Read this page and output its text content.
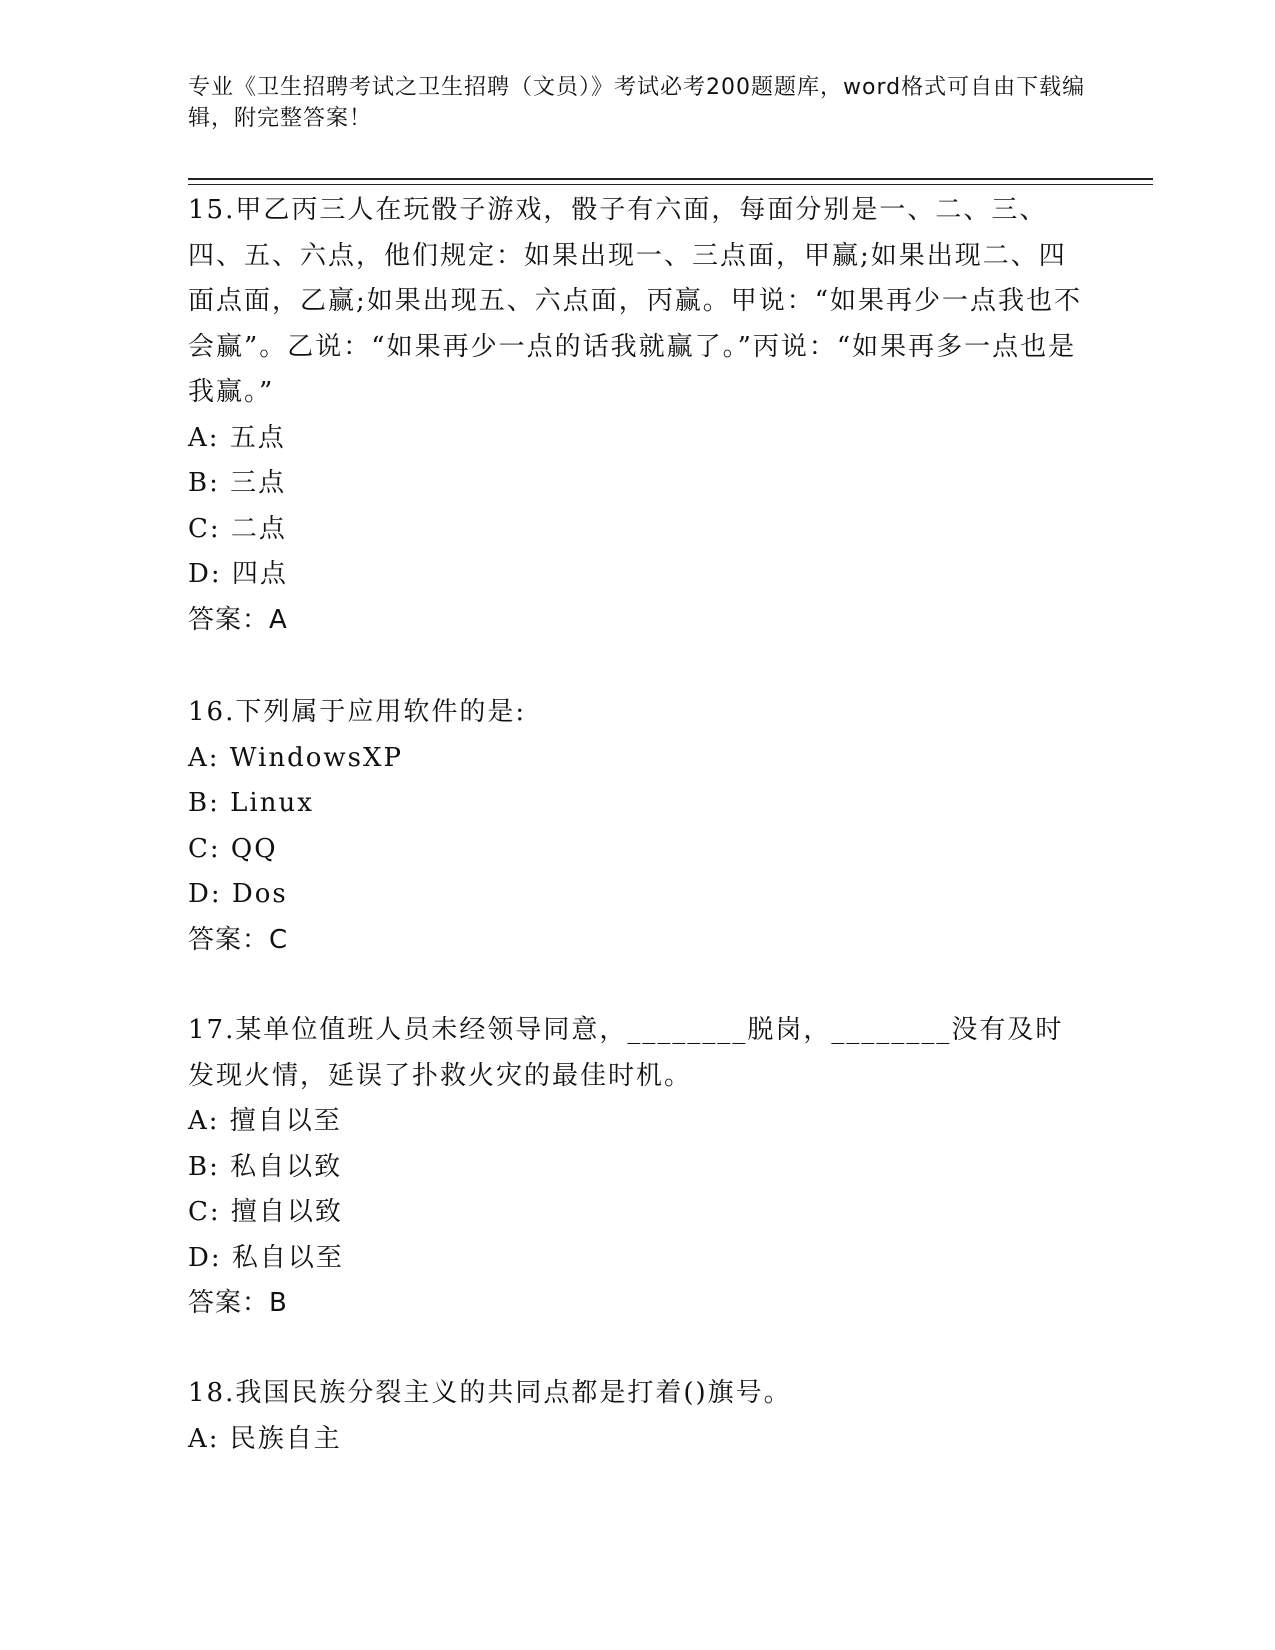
专业《卫生招聘考试之卫生招聘（文员）》考试必考200题题库，word格式可自由下载编辑，附完整答案！

15.甲乙丙三人在玩骰子游戏，骰子有六面，每面分别是一、二、三、四、五、六点，他们规定：如果出现一、三点面，甲赢;如果出现二、四面点面，乙赢;如果出现五、六点面，丙赢。甲说：“如果再少一点我也不会赢”。乙说：“如果再少一点的话我就赢了。”丙说：“如果再多一点也是我赢。”

A: 五点
B: 三点
C: 二点
D: 四点
答案：A

16.下列属于应用软件的是:

A: WindowsXP
B: Linux
C: QQ
D: Dos
答案：C

17.某单位值班人员未经领导同意，________脱岗，________没有及时发现火情，延误了扑救火灾的最佳时机。

A: 擅自以至
B: 私自以致
C: 擅自以致
D: 私自以至
答案：B

18.我国民族分裂主义的共同点都是打着()旗号。

A: 民族自主
